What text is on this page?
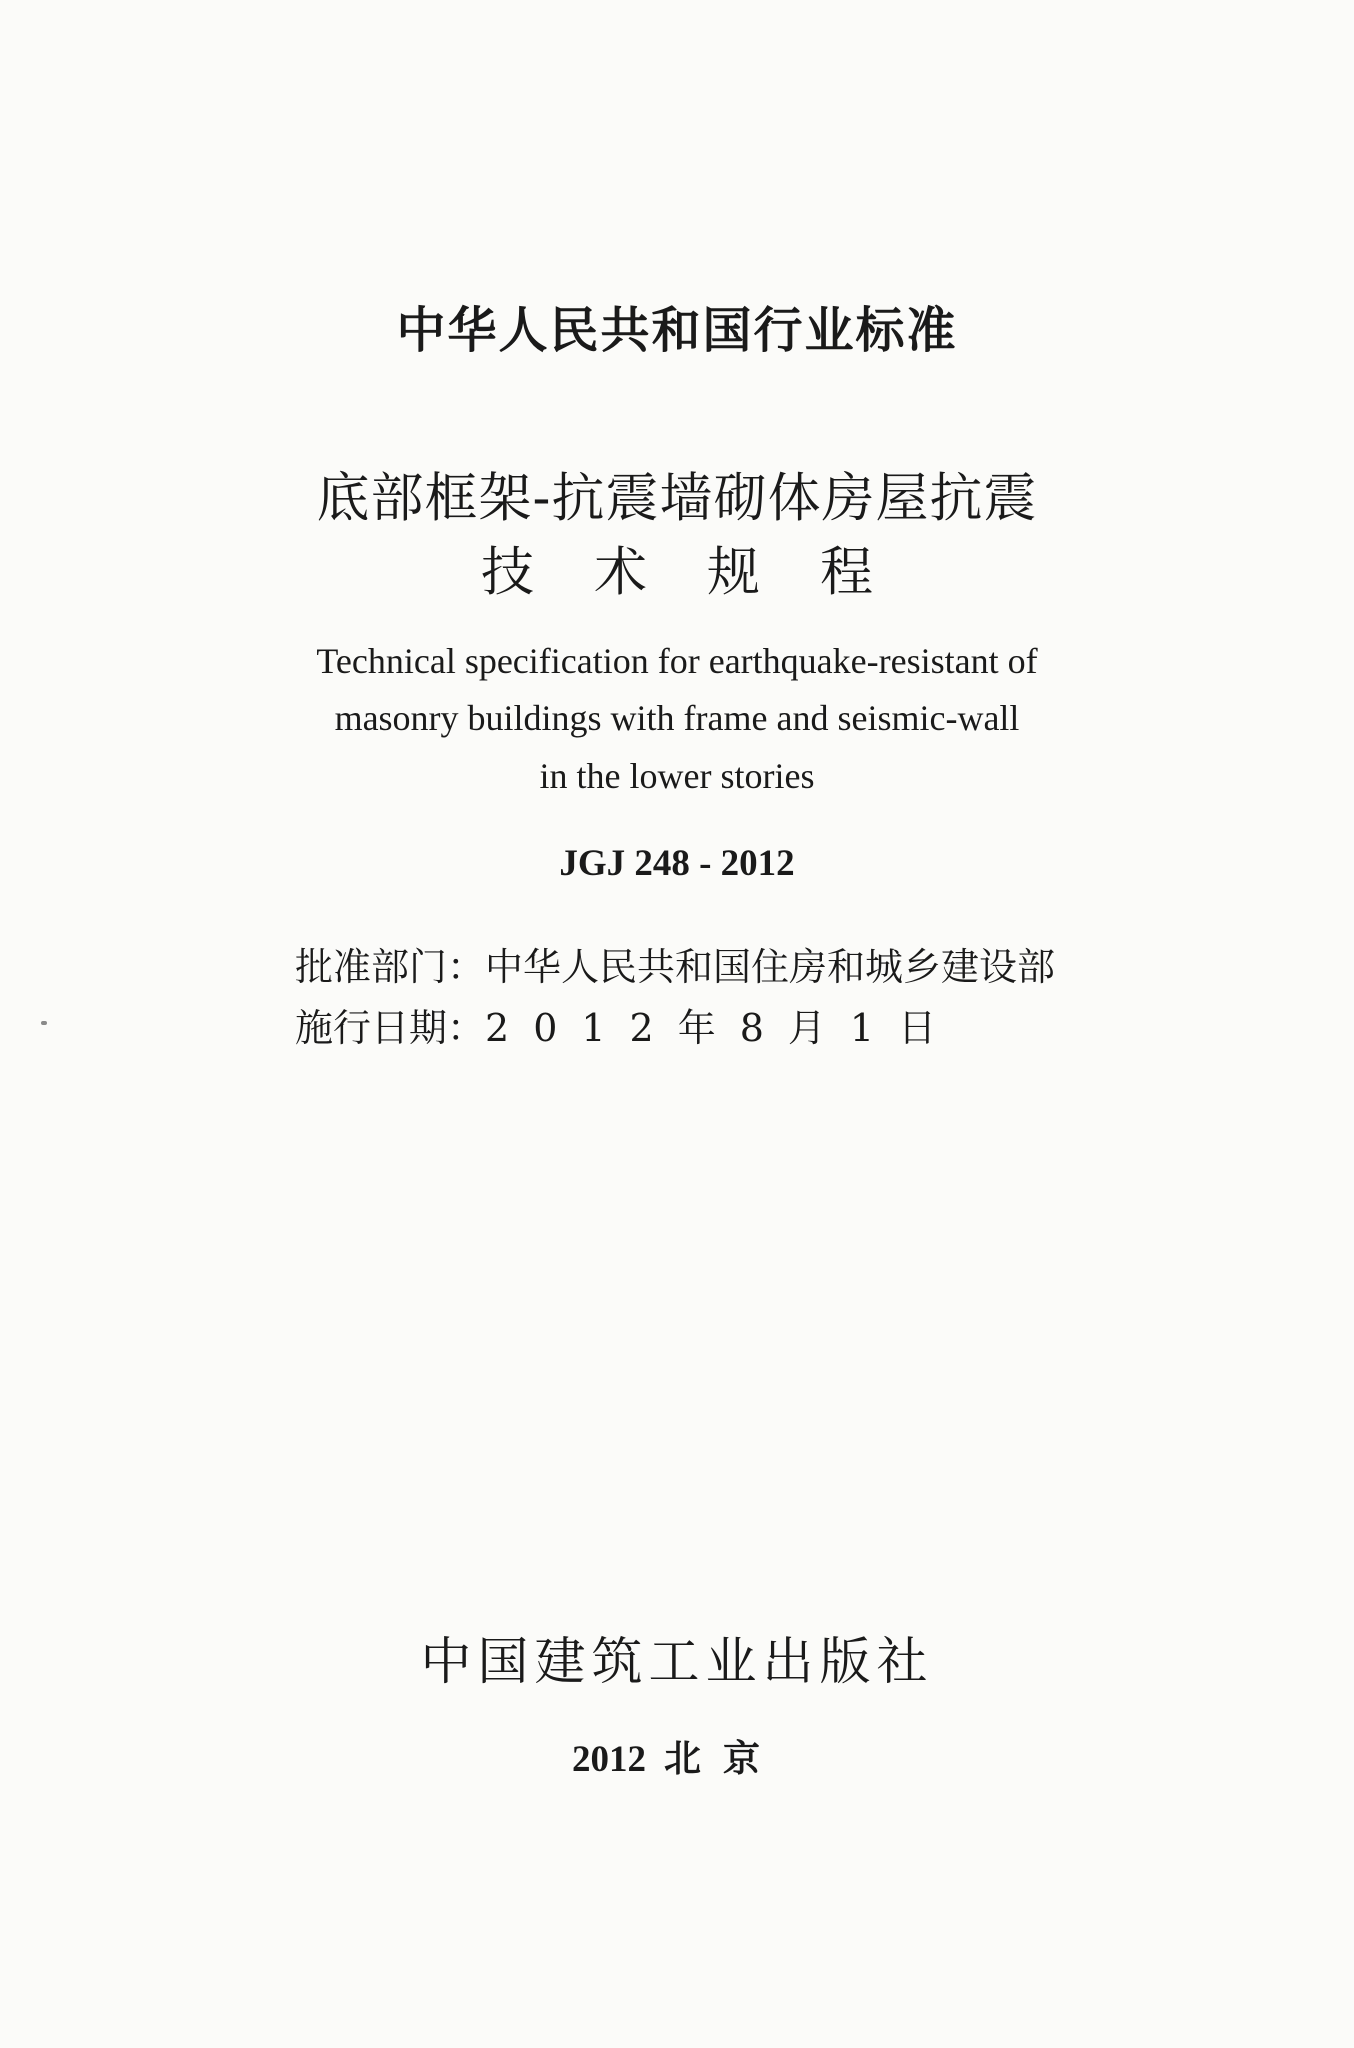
中华人民共和国行业标准
底部框架-抗震墙砌体房屋抗震
技术规程
Technical specification for earthquake-resistant of
masonry buildings with frame and seismic-wall
in the lower stories
JGJ 248 - 2012
批准部门：中华人民共和国住房和城乡建设部
施行日期：2012年8月1日
中国建筑工业出版社
2012 北京
